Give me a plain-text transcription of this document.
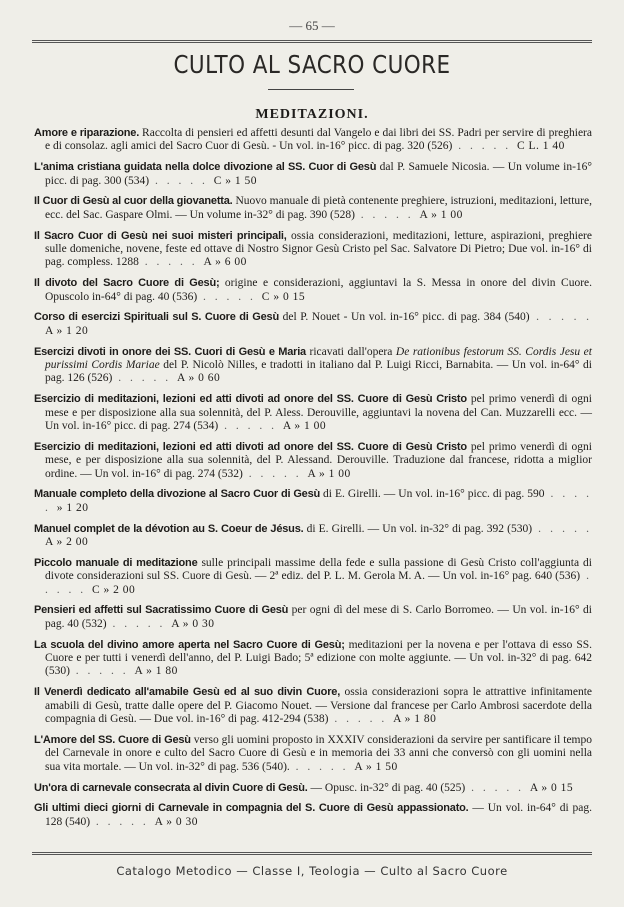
— 65 —
CULTO AL SACRO CUORE
MEDITAZIONI.
Amore e riparazione. Raccolta di pensieri ed affetti desunti dal Vangelo e dai libri dei SS. Padri per servire di preghiera e di consolaz. agli amici del Sacro Cuor di Gesù. - Un vol. in-16° picc. di pag. 320 (526) . . . . . C L. 1 40
L'anima cristiana guidata nella dolce divozione al SS. Cuor di Gesù dal P. Samuele Nicosia. — Un volume in-16° picc. di pag. 300 (534) . . . . . C » 1 50
Il Cuor di Gesù al cuor della giovanetta. Nuovo manuale di pietà contenente preghiere, istruzioni, meditazioni, letture, ecc. del Sac. Gaspare Olmi. — Un volume in-32° di pag. 390 (528) . . . . . A » 1 00
Il Sacro Cuor di Gesù nei suoi misteri principali, ossia considerazioni, meditazioni, letture, aspirazioni, preghiere sulle domeniche, novene, feste ed ottave di Nostro Signor Gesù Cristo pel Sac. Salvatore Di Pietro; Due vol. in-16° di pag. compless. 1288 . . . . . A » 6 00
Il divoto del Sacro Cuore di Gesù; origine e considerazioni, aggiuntavi la S. Messa in onore del divin Cuore. Opuscolo in-64° di pag. 40 (536) . . . . . C » 0 15
Corso di esercizi Spirituali sul S. Cuore di Gesù del P. Nouet - Un vol. in-16° picc. di pag. 384 (540) . . . . . A » 1 20
Esercizi divoti in onore dei SS. Cuori di Gesù e Maria ricavati dall'opera De rationibus festorum SS. Cordis Jesu et purissimi Cordis Mariae del P. Nicolò Nilles, e tradotti in italiano dal P. Luigi Ricci, Barnabita. — Un vol. in-64° di pag. 126 (526) . . . . . A » 0 60
Esercizio di meditazioni, lezioni ed atti divoti ad onore del SS. Cuore di Gesù Cristo pel primo venerdì di ogni mese e per disposizione alla sua solennità, del P. Aless. Derouville, aggiuntavi la novena del Can. Muzzarelli ecc. — Un vol. in-16° picc. di pag. 274 (534) . . . . . A » 1 00
Esercizio di meditazioni, lezioni ed atti divoti ad onore del SS. Cuore di Gesù Cristo pel primo venerdì di ogni mese, e per disposizione alla sua solennità, del P. Alessand. Derouville. Traduzione dal francese, ridotta a miglior ordine. — Un vol. in-16° di pag. 274 (532) . . . . . A » 1 00
Manuale completo della divozione al Sacro Cuor di Gesù di E. Girelli. — Un vol. in-16° picc. di pag. 590 . . . . . » 1 20
Manuel complet de la dévotion au S. Coeur de Jésus. di E. Girelli. — Un vol. in-32° di pag. 392 (530) . . . . . A » 2 00
Piccolo manuale di meditazione sulle principali massime della fede e sulla passione di Gesù Cristo coll'aggiunta di divote considerazioni sul SS. Cuore di Gesù. — 2ª ediz. del P. L. M. Gerola M. A. — Un vol. in-16° pag. 640 (536) . . . . . C » 2 00
Pensieri ed affetti sul Sacratissimo Cuore di Gesù per ogni dì del mese di S. Carlo Borromeo. — Un vol. in-16° di pag. 40 (532) . . . . . A » 0 30
La scuola del divino amore aperta nel Sacro Cuore di Gesù; meditazioni per la novena e per l'ottava di esso SS. Cuore e per tutti i venerdì dell'anno, del P. Luigi Bado; 5ª edizione con molte aggiunte. — Un vol. in-32° di pag. 642 (530) . . . . . A » 1 80
Il Venerdì dedicato all'amabile Gesù ed al suo divin Cuore, ossia considerazioni sopra le attrattive infinitamente amabili di Gesù, tratte dalle opere del P. Giacomo Nouet. — Versione dal francese per Carlo Ambrosi sacerdote della compagnia di Gesù. — Due vol. in-16° di pag. 412-294 (538) . . . . . A » 1 80
L'Amore del SS. Cuore di Gesù verso gli uomini proposto in XXXIV considerazioni da servire per santificare il tempo del Carnevale in onore e culto del Sacro Cuore di Gesù e in memoria dei 33 anni che conversò con gli uomini nella sua vita mortale. — Un vol. in-32° di pag. 536 (540). . . . . . A » 1 50
Un'ora di carnevale consecrata al divin Cuore di Gesù. — Opusc. in-32° di pag. 40 (525) . . . . . A » 0 15
Gli ultimi dieci giorni di Carnevale in compagnia del S. Cuore di Gesù appassionato. — Un vol. in-64° di pag. 128 (540) . . . . . A » 0 30
Catalogo Metodico — Classe I, Teologia — Culto al Sacro Cuore
